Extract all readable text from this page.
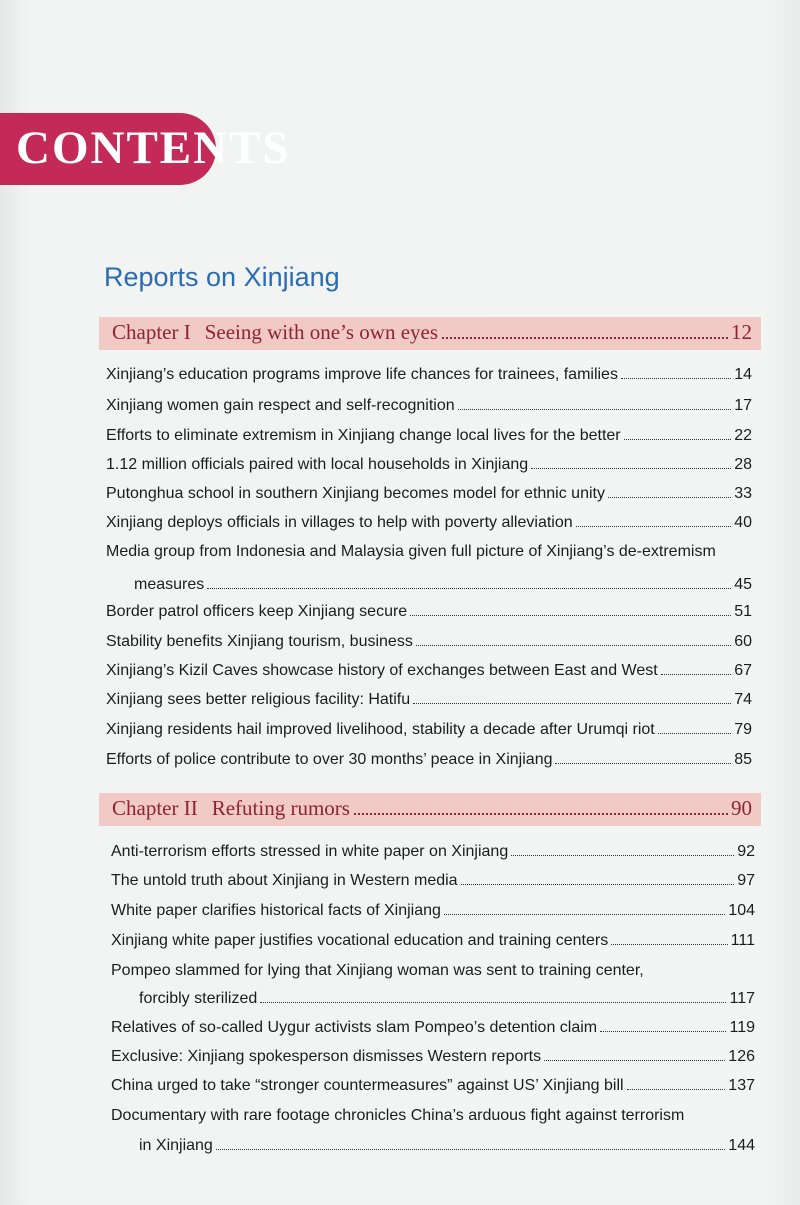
CONTENTS
Reports on Xinjiang
Chapter I Seeing with one’s own eyes	12
Xinjiang’s education programs improve life chances for trainees, families	14
Xinjiang women gain respect and self-recognition	17
Efforts to eliminate extremism in Xinjiang change local lives for the better	22
1.12 million officials paired with local households in Xinjiang	28
Putonghua school in southern Xinjiang becomes model for ethnic unity	33
Xinjiang deploys officials in villages to help with poverty alleviation	40
Media group from Indonesia and Malaysia given full picture of Xinjiang’s de-extremism
measures	45
Border patrol officers keep Xinjiang secure	51
Stability benefits Xinjiang tourism, business	60
Xinjiang’s Kizil Caves showcase history of exchanges between East and West	67
Xinjiang sees better religious facility: Hatifu	74
Xinjiang residents hail improved livelihood, stability a decade after Urumqi riot	79
Efforts of police contribute to over 30 months’ peace in Xinjiang	85
Chapter II Refuting rumors	90
Anti-terrorism efforts stressed in white paper on Xinjiang	92
The untold truth about Xinjiang in Western media	97
White paper clarifies historical facts of Xinjiang	104
Xinjiang white paper justifies vocational education and training centers	111
Pompeo slammed for lying that Xinjiang woman was sent to training center,
forcibly sterilized	117
Relatives of so-called Uygur activists slam Pompeo’s detention claim	119
Exclusive: Xinjiang spokesperson dismisses Western reports	126
China urged to take “stronger countermeasures” against US’ Xinjiang bill	137
Documentary with rare footage chronicles China’s arduous fight against terrorism
in Xinjiang	144
